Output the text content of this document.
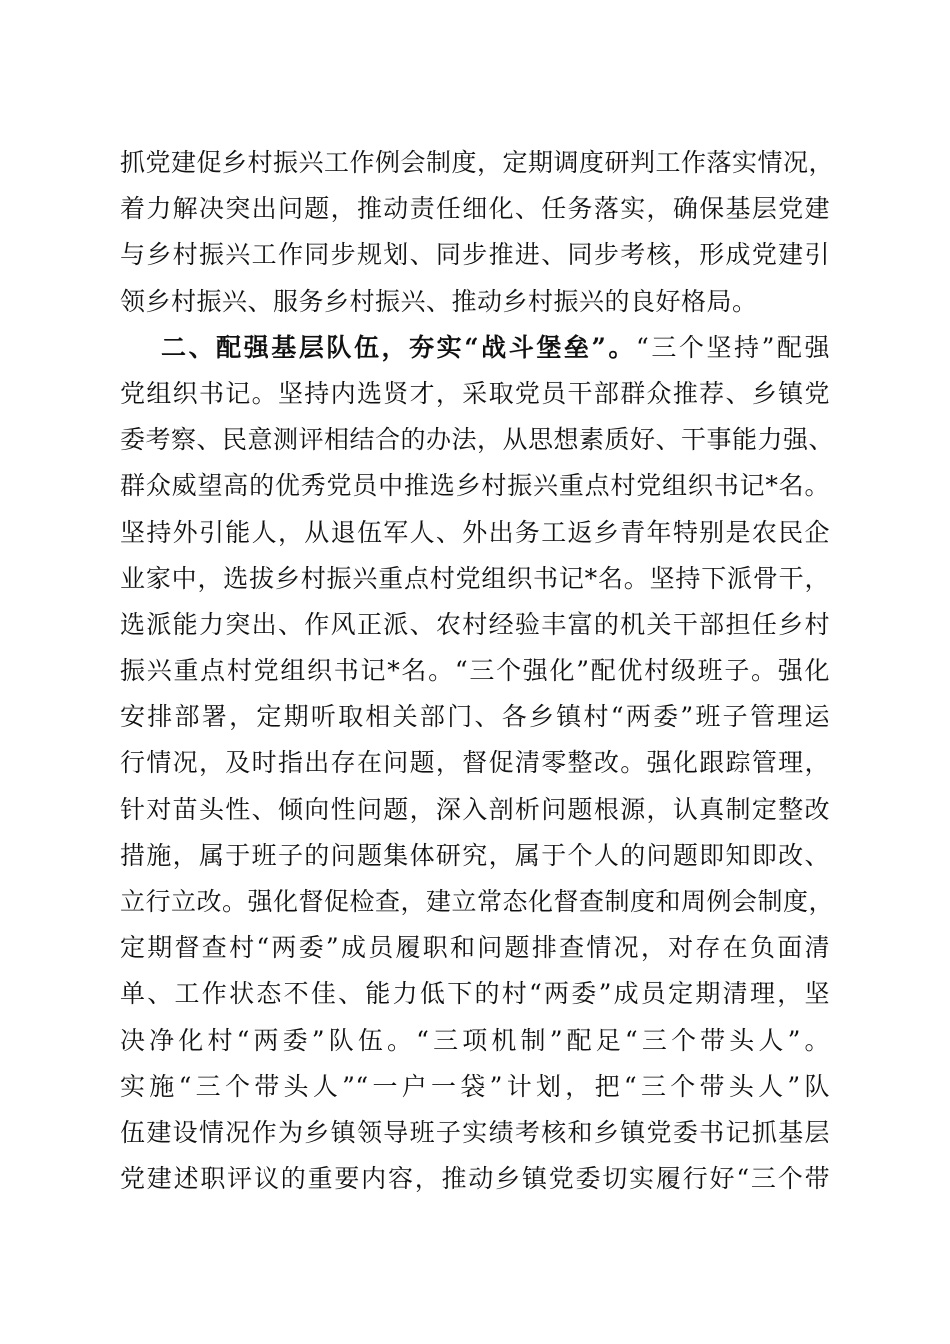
抓党建促乡村振兴工作例会制度，定期调度研判工作落实情况，
着力解决突出问题，推动责任细化、任务落实，确保基层党建
与乡村振兴工作同步规划、同步推进、同步考核，形成党建引
领乡村振兴、服务乡村振兴、推动乡村振兴的良好格局。
二、配强基层队伍，夯实“战斗堡垒”。“三个坚持”配强
党组织书记。坚持内选贤才，采取党员干部群众推荐、乡镇党
委考察、民意测评相结合的办法，从思想素质好、干事能力强、
群众威望高的优秀党员中推选乡村振兴重点村党组织书记*名。
坚持外引能人，从退伍军人、外出务工返乡青年特别是农民企
业家中，选拔乡村振兴重点村党组织书记*名。坚持下派骨干，
选派能力突出、作风正派、农村经验丰富的机关干部担任乡村
振兴重点村党组织书记*名。“三个强化”配优村级班子。强化
安排部署，定期听取相关部门、各乡镇村“两委”班子管理运
行情况，及时指出存在问题，督促清零整改。强化跟踪管理，
针对苗头性、倾向性问题，深入剖析问题根源，认真制定整改
措施，属于班子的问题集体研究，属于个人的问题即知即改、
立行立改。强化督促检查，建立常态化督查制度和周例会制度，
定期督查村“两委”成员履职和问题排查情况，对存在负面清
单、工作状态不佳、能力低下的村“两委”成员定期清理，坚
决净化村“两委”队伍。“三项机制”配足“三个带头人”。
实施“三个带头人”“一户一袋”计划，把“三个带头人”队
伍建设情况作为乡镇领导班子实绩考核和乡镇党委书记抓基层
党建述职评议的重要内容，推动乡镇党委切实履行好“三个带
